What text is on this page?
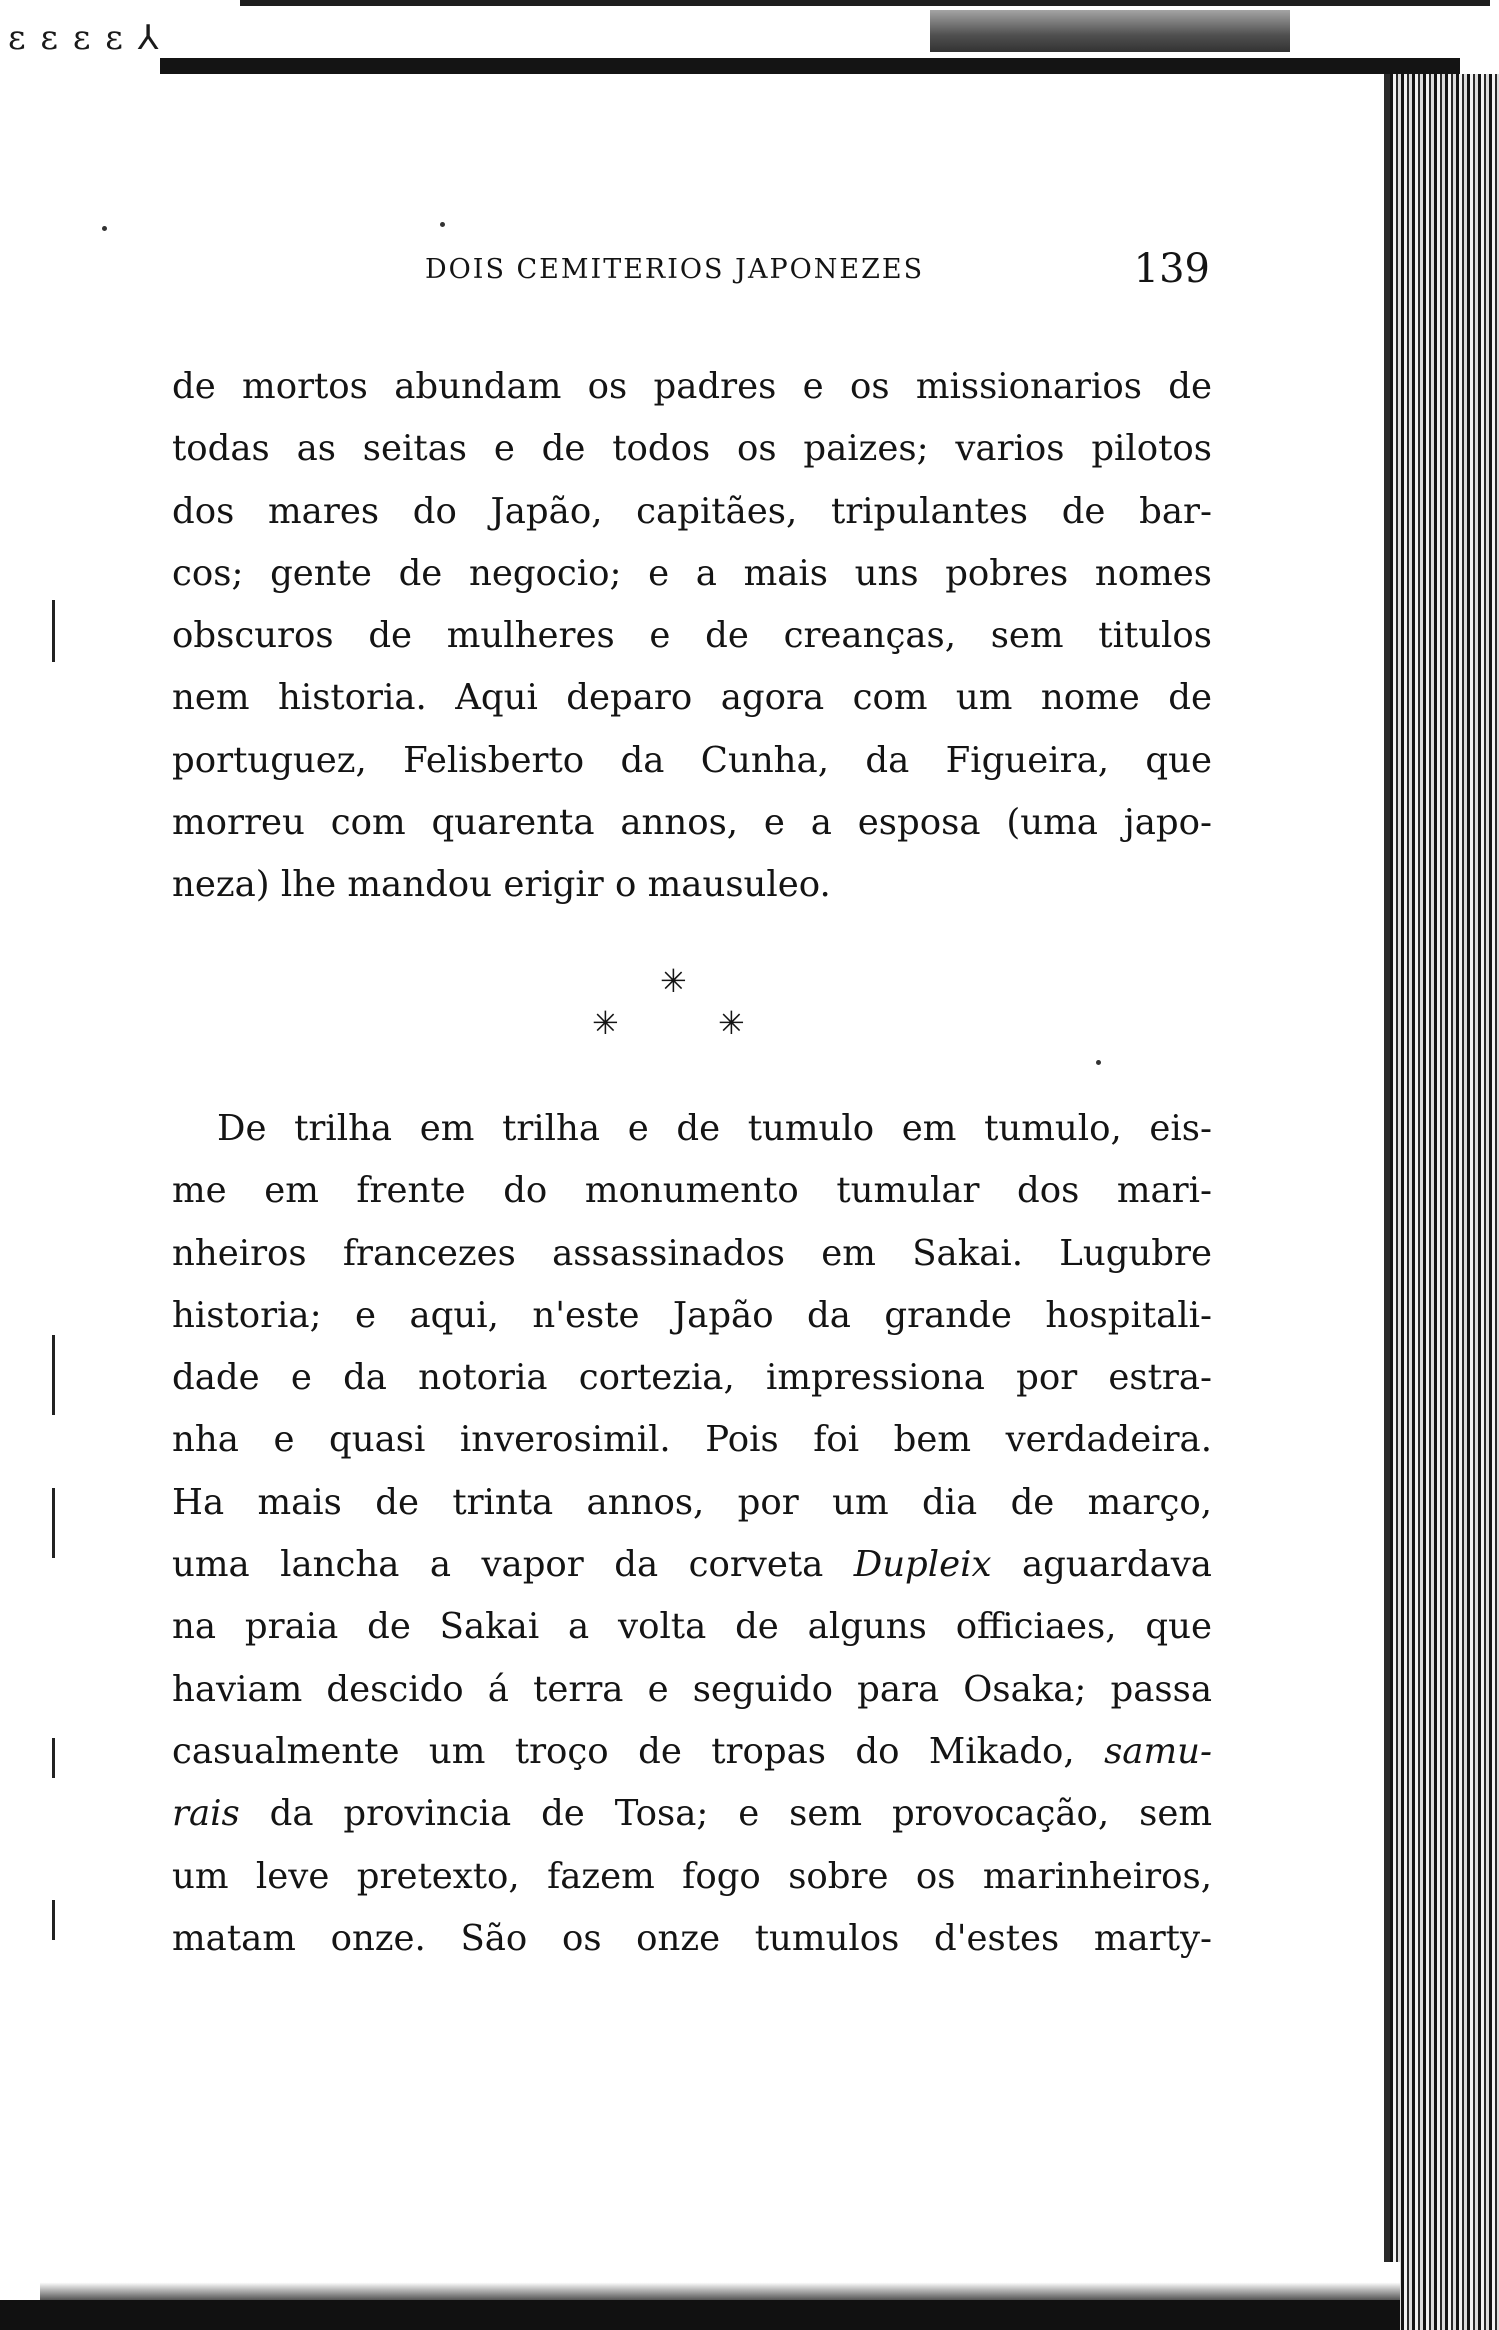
ɛ ɛ ɛ ɛ ⅄
DOIS CEMITERIOS JAPONEZES	139
de mortos abundam os padres e os missionarios de
todas as seitas e de todos os paizes; varios pilotos
dos mares do Japão, capitães, tripulantes de bar-
cos; gente de negocio; e a mais uns pobres nomes
obscuros de mulheres e de creanças, sem titulos
nem historia. Aqui deparo agora com um nome de
portuguez, Felisberto da Cunha, da Figueira, que
morreu com quarenta annos, e a esposa (uma japo-
neza) lhe mandou erigir o mausuleo.
✳
✳	✳
De trilha em trilha e de tumulo em tumulo, eis-
me em frente do monumento tumular dos mari-
nheiros francezes assassinados em Sakai. Lugubre
historia; e aqui, n'este Japão da grande hospitali-
dade e da notoria cortezia, impressiona por estra-
nha e quasi inverosimil. Pois foi bem verdadeira.
Ha mais de trinta annos, por um dia de março,
uma lancha a vapor da corveta Dupleix aguardava
na praia de Sakai a volta de alguns officiaes, que
haviam descido á terra e seguido para Osaka; passa
casualmente um troço de tropas do Mikado, samu-
rais da provincia de Tosa; e sem provocação, sem
um leve pretexto, fazem fogo sobre os marinheiros,
matam onze. São os onze tumulos d'estes marty-
